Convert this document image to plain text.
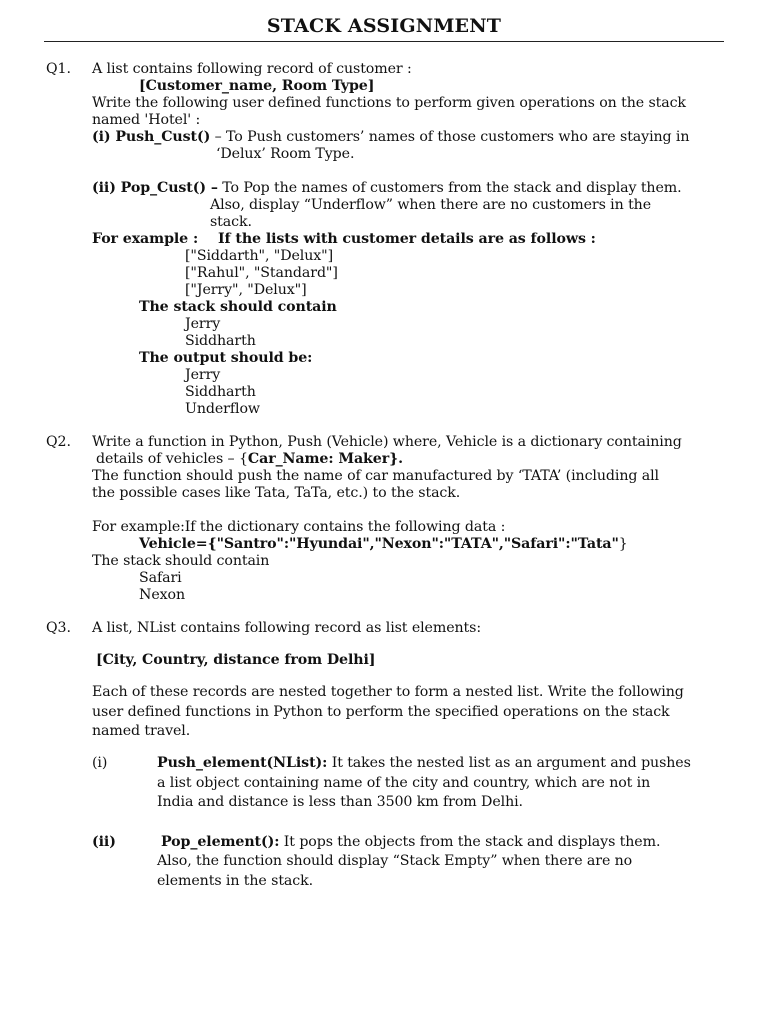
STACK ASSIGNMENT
Q1. A list contains following record of customer :
[Customer_name, Room Type]
Write the following user defined functions to perform given operations on the stack
named 'Hotel' :
(i) Push_Cust() – To Push customers’ names of those customers who are staying in
‘Delux’ Room Type.
(ii) Pop_Cust() – To Pop the names of customers from the stack and display them.
Also, display “Underflow” when there are no customers in the
stack.
For example : If the lists with customer details are as follows :
["Siddarth", "Delux"]
["Rahul", "Standard"]
["Jerry", "Delux"]
The stack should contain
Jerry
Siddharth
The output should be:
Jerry
Siddharth
Underflow
Q2. Write a function in Python, Push (Vehicle) where, Vehicle is a dictionary containing
details of vehicles – {Car_Name: Maker}.
The function should push the name of car manufactured by ‘TATA’ (including all
the possible cases like Tata, TaTa, etc.) to the stack.
For example:If the dictionary contains the following data :
Vehicle={"Santro":"Hyundai","Nexon":"TATA","Safari":"Tata"}
The stack should contain
Safari
Nexon
Q3. A list, NList contains following record as list elements:
[City, Country, distance from Delhi]
Each of these records are nested together to form a nested list. Write the following
user defined functions in Python to perform the specified operations on the stack
named travel.
(i)	Push_element(NList): It takes the nested list as an argument and pushes
a list object containing name of the city and country, which are not in
India and distance is less than 3500 km from Delhi.
(ii)	Pop_element(): It pops the objects from the stack and displays them.
Also, the function should display “Stack Empty” when there are no
elements in the stack.
